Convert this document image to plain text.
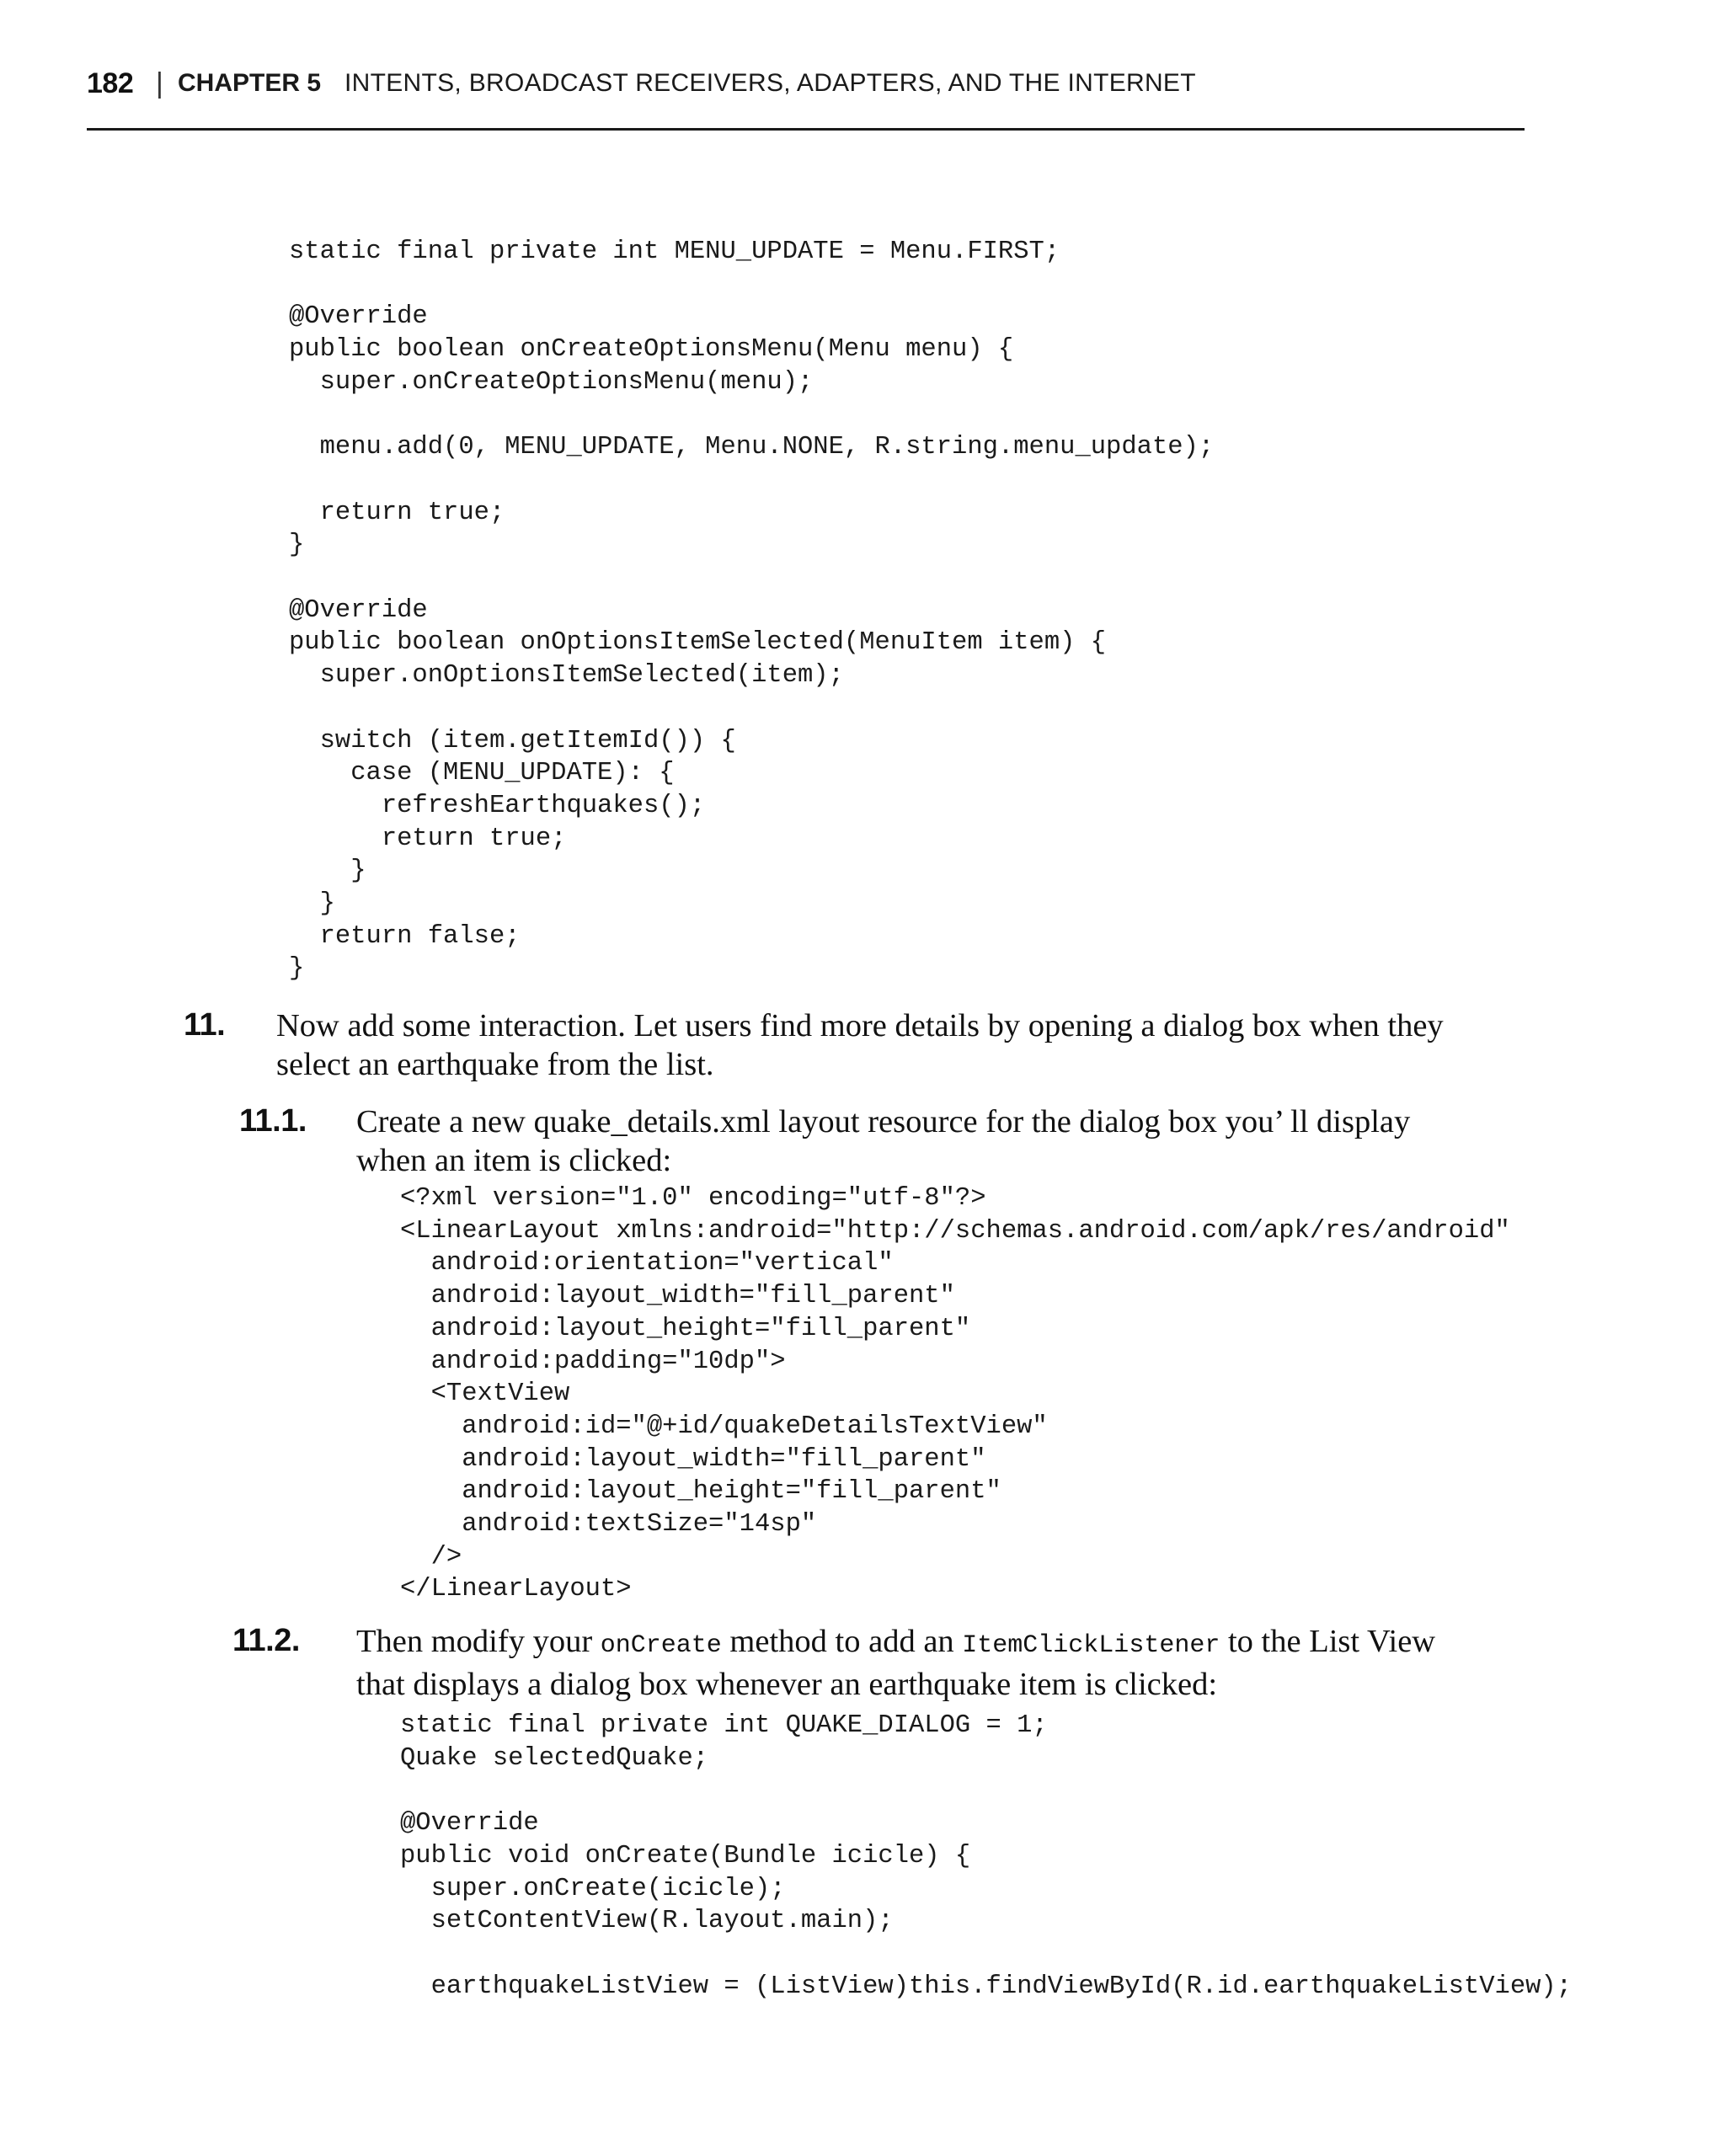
182 | CHAPTER 5 INTENTS, BROADCAST RECEIVERS, ADAPTERS, AND THE INTERNET
static final private int MENU_UPDATE = Menu.FIRST;

@Override
public boolean onCreateOptionsMenu(Menu menu) {
super.onCreateOptionsMenu(menu);

menu.add(0, MENU_UPDATE, Menu.NONE, R.string.menu_update);

return true;
}

@Override
public boolean onOptionsItemSelected(MenuItem item) {
super.onOptionsItemSelected(item);

switch (item.getItemId()) {
case (MENU_UPDATE): {
refreshEarthquakes();
return true;
}
}
return false;
}
11. Now add some interaction. Let users find more details by opening a dialog box when they select an earthquake from the list.
11.1. Create a new quake_details.xml layout resource for the dialog box you’ ll display when an item is clicked:
<?xml version="1.0" encoding="utf-8"?>
<LinearLayout xmlns:android="http://schemas.android.com/apk/res/android"
android:orientation="vertical"
android:layout_width="fill_parent"
android:layout_height="fill_parent"
android:padding="10dp">
<TextView
android:id="@+id/quakeDetailsTextView"
android:layout_width="fill_parent"
android:layout_height="fill_parent"
android:textSize="14sp"
/>
</LinearLayout>
11.2. Then modify your onCreate method to add an ItemClickListener to the List View that displays a dialog box whenever an earthquake item is clicked:
static final private int QUAKE_DIALOG = 1;
Quake selectedQuake;

@Override
public void onCreate(Bundle icicle) {
super.onCreate(icicle);
setContentView(R.layout.main);

earthquakeListView = (ListView)this.findViewById(R.id.earthquakeListView);
